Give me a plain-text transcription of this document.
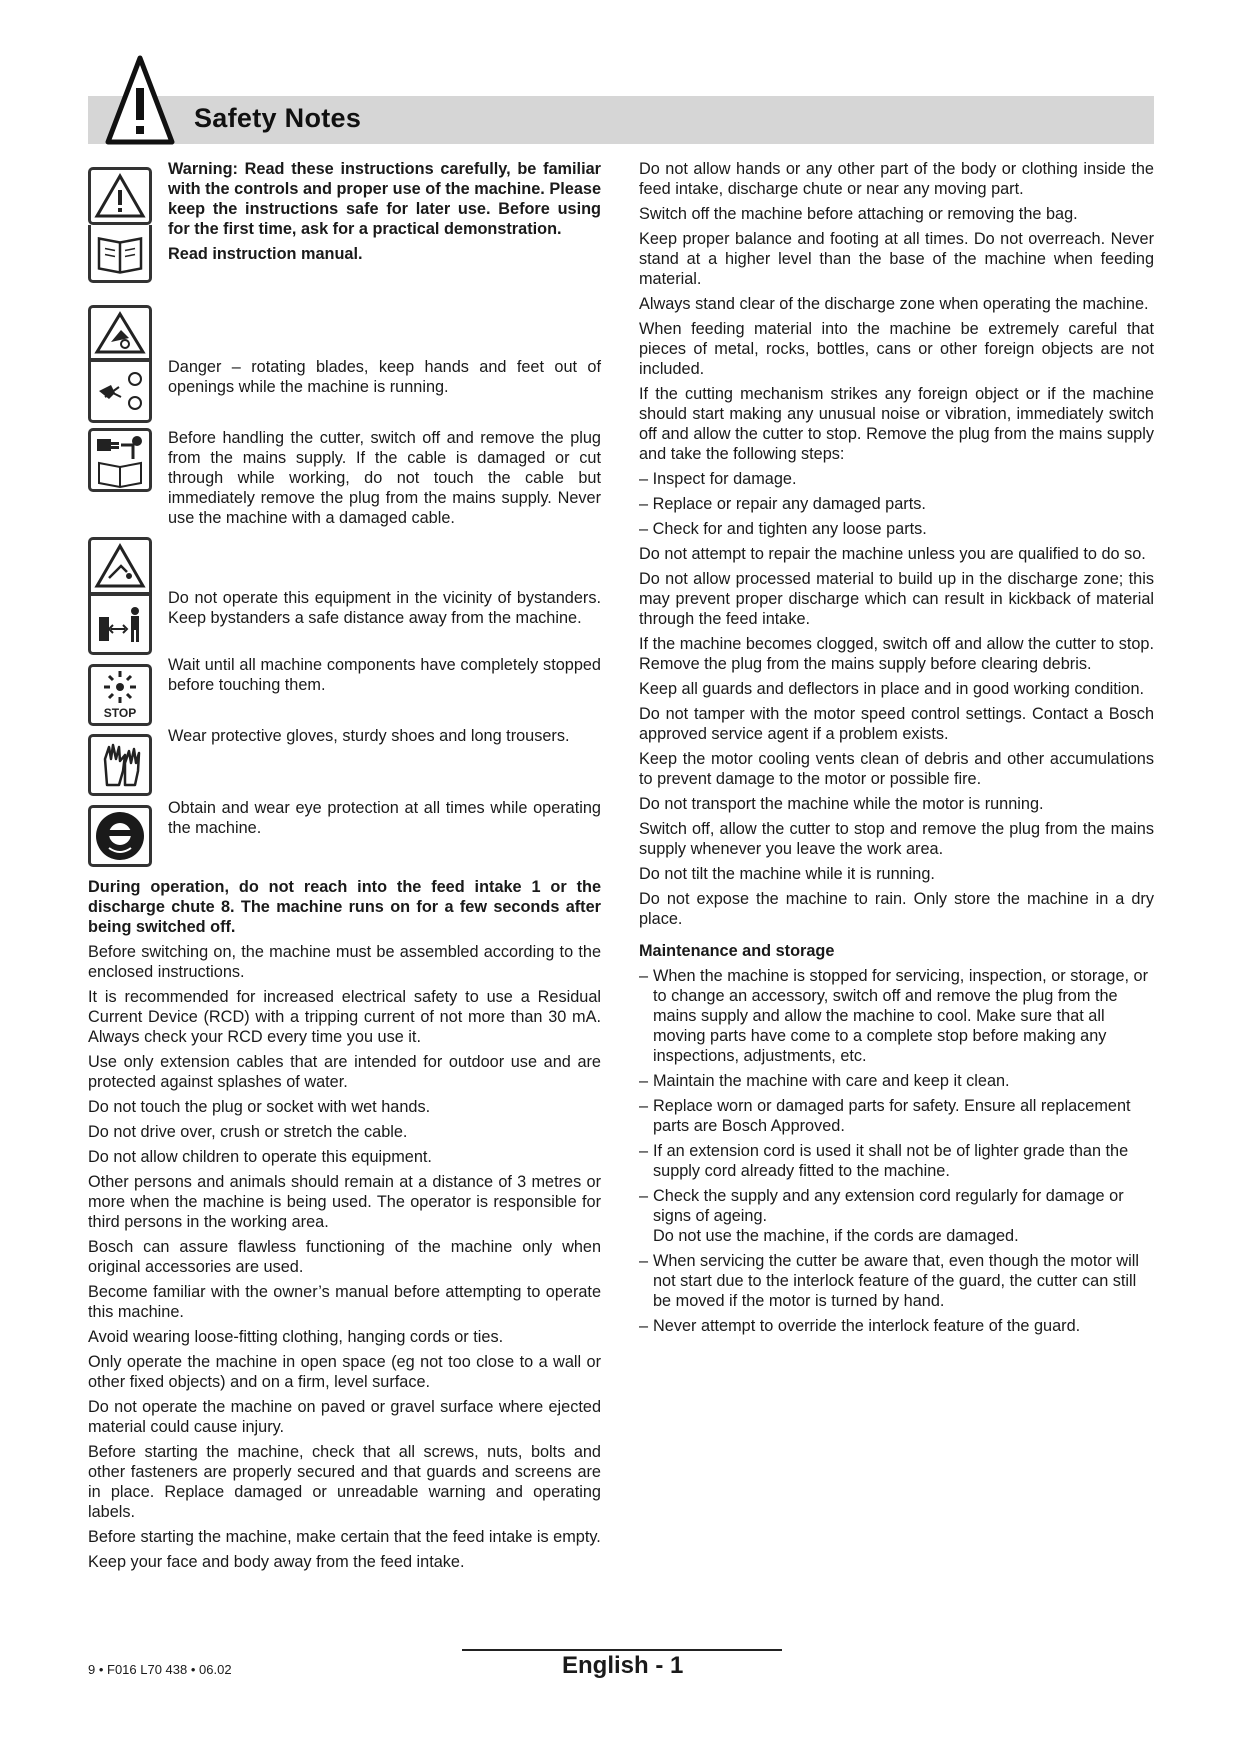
Safety Notes

Warning: Read these instructions carefully, be familiar with the controls and proper use of the machine. Please keep the instructions safe for later use. Before using for the first time, ask for a practical demonstration.

Read instruction manual.

Danger – rotating blades, keep hands and feet out of openings while the machine is running.

Before handling the cutter, switch off and remove the plug from the mains supply. If the cable is damaged or cut through while working, do not touch the cable but immediately remove the plug from the mains supply. Never use the machine with a damaged cable.

Do not operate this equipment in the vicinity of bystanders. Keep bystanders a safe distance away from the machine.

STOP

Wait until all machine components have completely stopped before touching them.

Wear protective gloves, sturdy shoes and long trousers.

Obtain and wear eye protection at all times while operating the machine.

During operation, do not reach into the feed intake 1 or the discharge chute 8. The machine runs on for a few seconds after being switched off.

Before switching on, the machine must be assembled according to the enclosed instructions.

It is recommended for increased electrical safety to use a Residual Current Device (RCD) with a tripping current of not more than 30 mA. Always check your RCD every time you use it.

Use only extension cables that are intended for outdoor use and are protected against splashes of water.

Do not touch the plug or socket with wet hands.

Do not drive over, crush or stretch the cable.

Do not allow children to operate this equipment.

Other persons and animals should remain at a distance of 3 metres or more when the machine is being used. The operator is responsible for third persons in the working area.

Bosch can assure flawless functioning of the machine only when original accessories are used.

Become familiar with the owner’s manual before attempting to operate this machine.

Avoid wearing loose-fitting clothing, hanging cords or ties.

Only operate the machine in open space (eg not too close to a wall or other fixed objects) and on a firm, level surface.

Do not operate the machine on paved or gravel surface where ejected material could cause injury.

Before starting the machine, check that all screws, nuts, bolts and other fasteners are properly secured and that guards and screens are in place. Replace damaged or unreadable warning and operating labels.

Before starting the machine, make certain that the feed intake is empty.

Keep your face and body away from the feed intake.

Do not allow hands or any other part of the body or clothing inside the feed intake, discharge chute or near any moving part.

Switch off the machine before attaching or removing the bag.

Keep proper balance and footing at all times. Do not overreach. Never stand at a higher level than the base of the machine when feeding material.

Always stand clear of the discharge zone when operating the machine.

When feeding material into the machine be extremely careful that pieces of metal, rocks, bottles, cans or other foreign objects are not included.

If the cutting mechanism strikes any foreign object or if the machine should start making any unusual noise or vibration, immediately switch off and allow the cutter to stop. Remove the plug from the mains supply and take the following steps:

– Inspect for damage.

– Replace or repair any damaged parts.

– Check for and tighten any loose parts.

Do not attempt to repair the machine unless you are qualified to do so.

Do not allow processed material to build up in the discharge zone; this may prevent proper discharge which can result in kickback of material through the feed intake.

If the machine becomes clogged, switch off and allow the cutter to stop. Remove the plug from the mains supply before clearing debris.

Keep all guards and deflectors in place and in good working condition.

Do not tamper with the motor speed control settings. Contact a Bosch approved service agent if a problem exists.

Keep the motor cooling vents clean of debris and other accumulations to prevent damage to the motor or possible fire.

Do not transport the machine while the motor is running.

Switch off, allow the cutter to stop and remove the plug from the mains supply whenever you leave the work area.

Do not tilt the machine while it is running.

Do not expose the machine to rain. Only store the machine in a dry place.

Maintenance and storage
– When the machine is stopped for servicing, inspection, or storage, or to change an accessory, switch off and remove the plug from the mains supply and allow the machine to cool. Make sure that all moving parts have come to a complete stop before making any inspections, adjustments, etc.
– Maintain the machine with care and keep it clean.
– Replace worn or damaged parts for safety. Ensure all replacement parts are Bosch Approved.
– If an extension cord is used it shall not be of lighter grade than the supply cord already fitted to the machine.
– Check the supply and any extension cord regularly for damage or signs of ageing.
Do not use the machine, if the cords are damaged.
– When servicing the cutter be aware that, even though the motor will not start due to the interlock feature of the guard, the cutter can still be moved if the motor is turned by hand.
– Never attempt to override the interlock feature of the guard.
9 • F016 L70 438 • 06.02	English - 1
